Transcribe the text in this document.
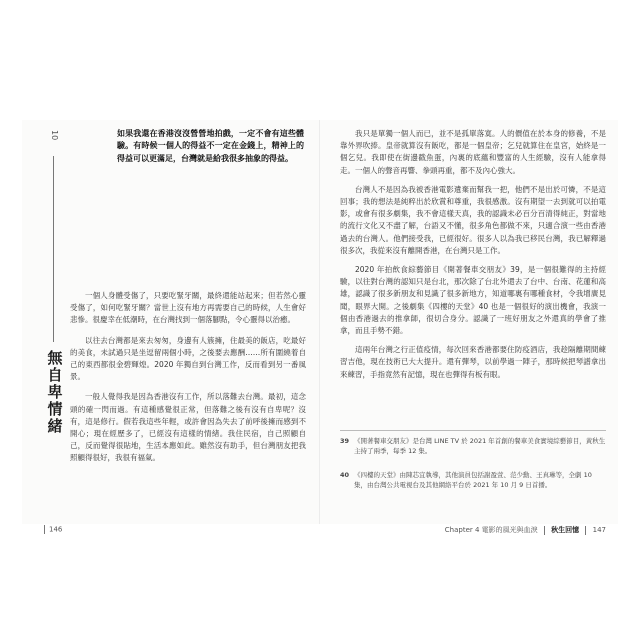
10
無自卑情緒
如果我還在香港沒沒營營地拍戲，一定不會有這些體驗。有時候一個人的得益不一定在金錢上，精神上的得益可以更滿足，台灣就是給我很多抽象的得益。

一個人身體受傷了，只要吃緊牙關，最終還能站起來；但若然心靈受傷了，如何吃緊牙關？當世上沒有地方再需要自己的時候，人生會好悲慘。很慶幸在低潮時，在台灣找到一個落腳點，令心靈得以治癒。

以往去台灣都是來去匆匆，身邊有人簇擁，住最美的飯店，吃最好的美食，未試過只是坐逗留兩個小時，之後要去應酬……所有圍繞着自己的東西都很金碧輝煌。2020 年獨自到台灣工作，反而看到另一番風景。

一般人覺得我是因為香港沒有工作，所以落難去台灣。最初，這念頭的確一閃而過。有這種感覺很正常，但落難之後有沒有自卑呢？沒有，這是修行。假若我這些年輕，或許會因為失去了前呼後擁而感到不開心；現在經歷多了，已經沒有這樣的情緒。我住民宿，自己照顧自己，反而覺得很貼地，生活本應如此。雖然沒有助手，但台灣朋友把我照顧得很好，我很有福氣。

我只是單獨一個人而已，並不是孤單落寞。人的價值在於本身的修養，不是靠外界吹捧。皇帝就算沒有飯吃，都是一個皇帝；乞兒就算住在皇宮，始終是一個乞兒。我即使在街邊戳魚蛋，內裏的底蘊和豐富的人生經驗，沒有人能拿得走。一個人的聲音再響、拳頭再重，都不及內心強大。

台灣人不是因為我被香港電影遺棄而幫我一把，他們不是出於可憐，不是這回事；我的想法是純粹出於欣賞和尊重，我很感激。沒有期望一去到就可以拍電影，或會有很多劇集，我不會這樣天真，我的認識未必百分百清得純正，對當地的流行文化又不盡了解，台語又不懂，很多角色都做不來，只適合演一些由香港過去的台灣人。他們接受我，已經很好。很多人以為我已移民台灣，我已解釋過很多次，我從來沒有離開香港，在台灣只是工作。

2020 年拍飲食綜藝節目《開著餐車交朋友》39，是一個很難得的主持經驗，以往對台灣的認知只是台北，那次除了台北外還去了台中、台南、花蓮和高雄，認識了很多新朋友和見識了很多新地方，知道哪裏有哪種食材，令我增廣見聞，眼界大開。之後劇集《四樓的天堂》40 也是一個很好的演出機會，我演一個由香港過去的推拿師，很切合身分。認識了一班好朋友之外還真的學會了推拿，而且手勢不錯。

這兩年台灣之行正值疫情，每次回來香港都要住防疫酒店，我趁隔離期間練習吉他，現在技術已大大提升。還有彈琴，以前學過一陣子，那時候把琴譜拿出來練習，手指竟然有記憶，現在也彈得有板有眼。

39 《開著餐車交朋友》是台灣 LINE TV 於 2021 年首創的餐車美食實境綜藝節目，黃秋生主持了兩季，每季 12 集。
40 《四樓的天堂》由陳芯宜執導，其他演員包括謝盈萱、范少勳、王真琳等，全劇 10 集，由台灣公共電視台及其他網絡平台於 2021 年 10 月 9 日首播。
146	Chapter 4 電影的風光與血淚 秋生回憶 147
